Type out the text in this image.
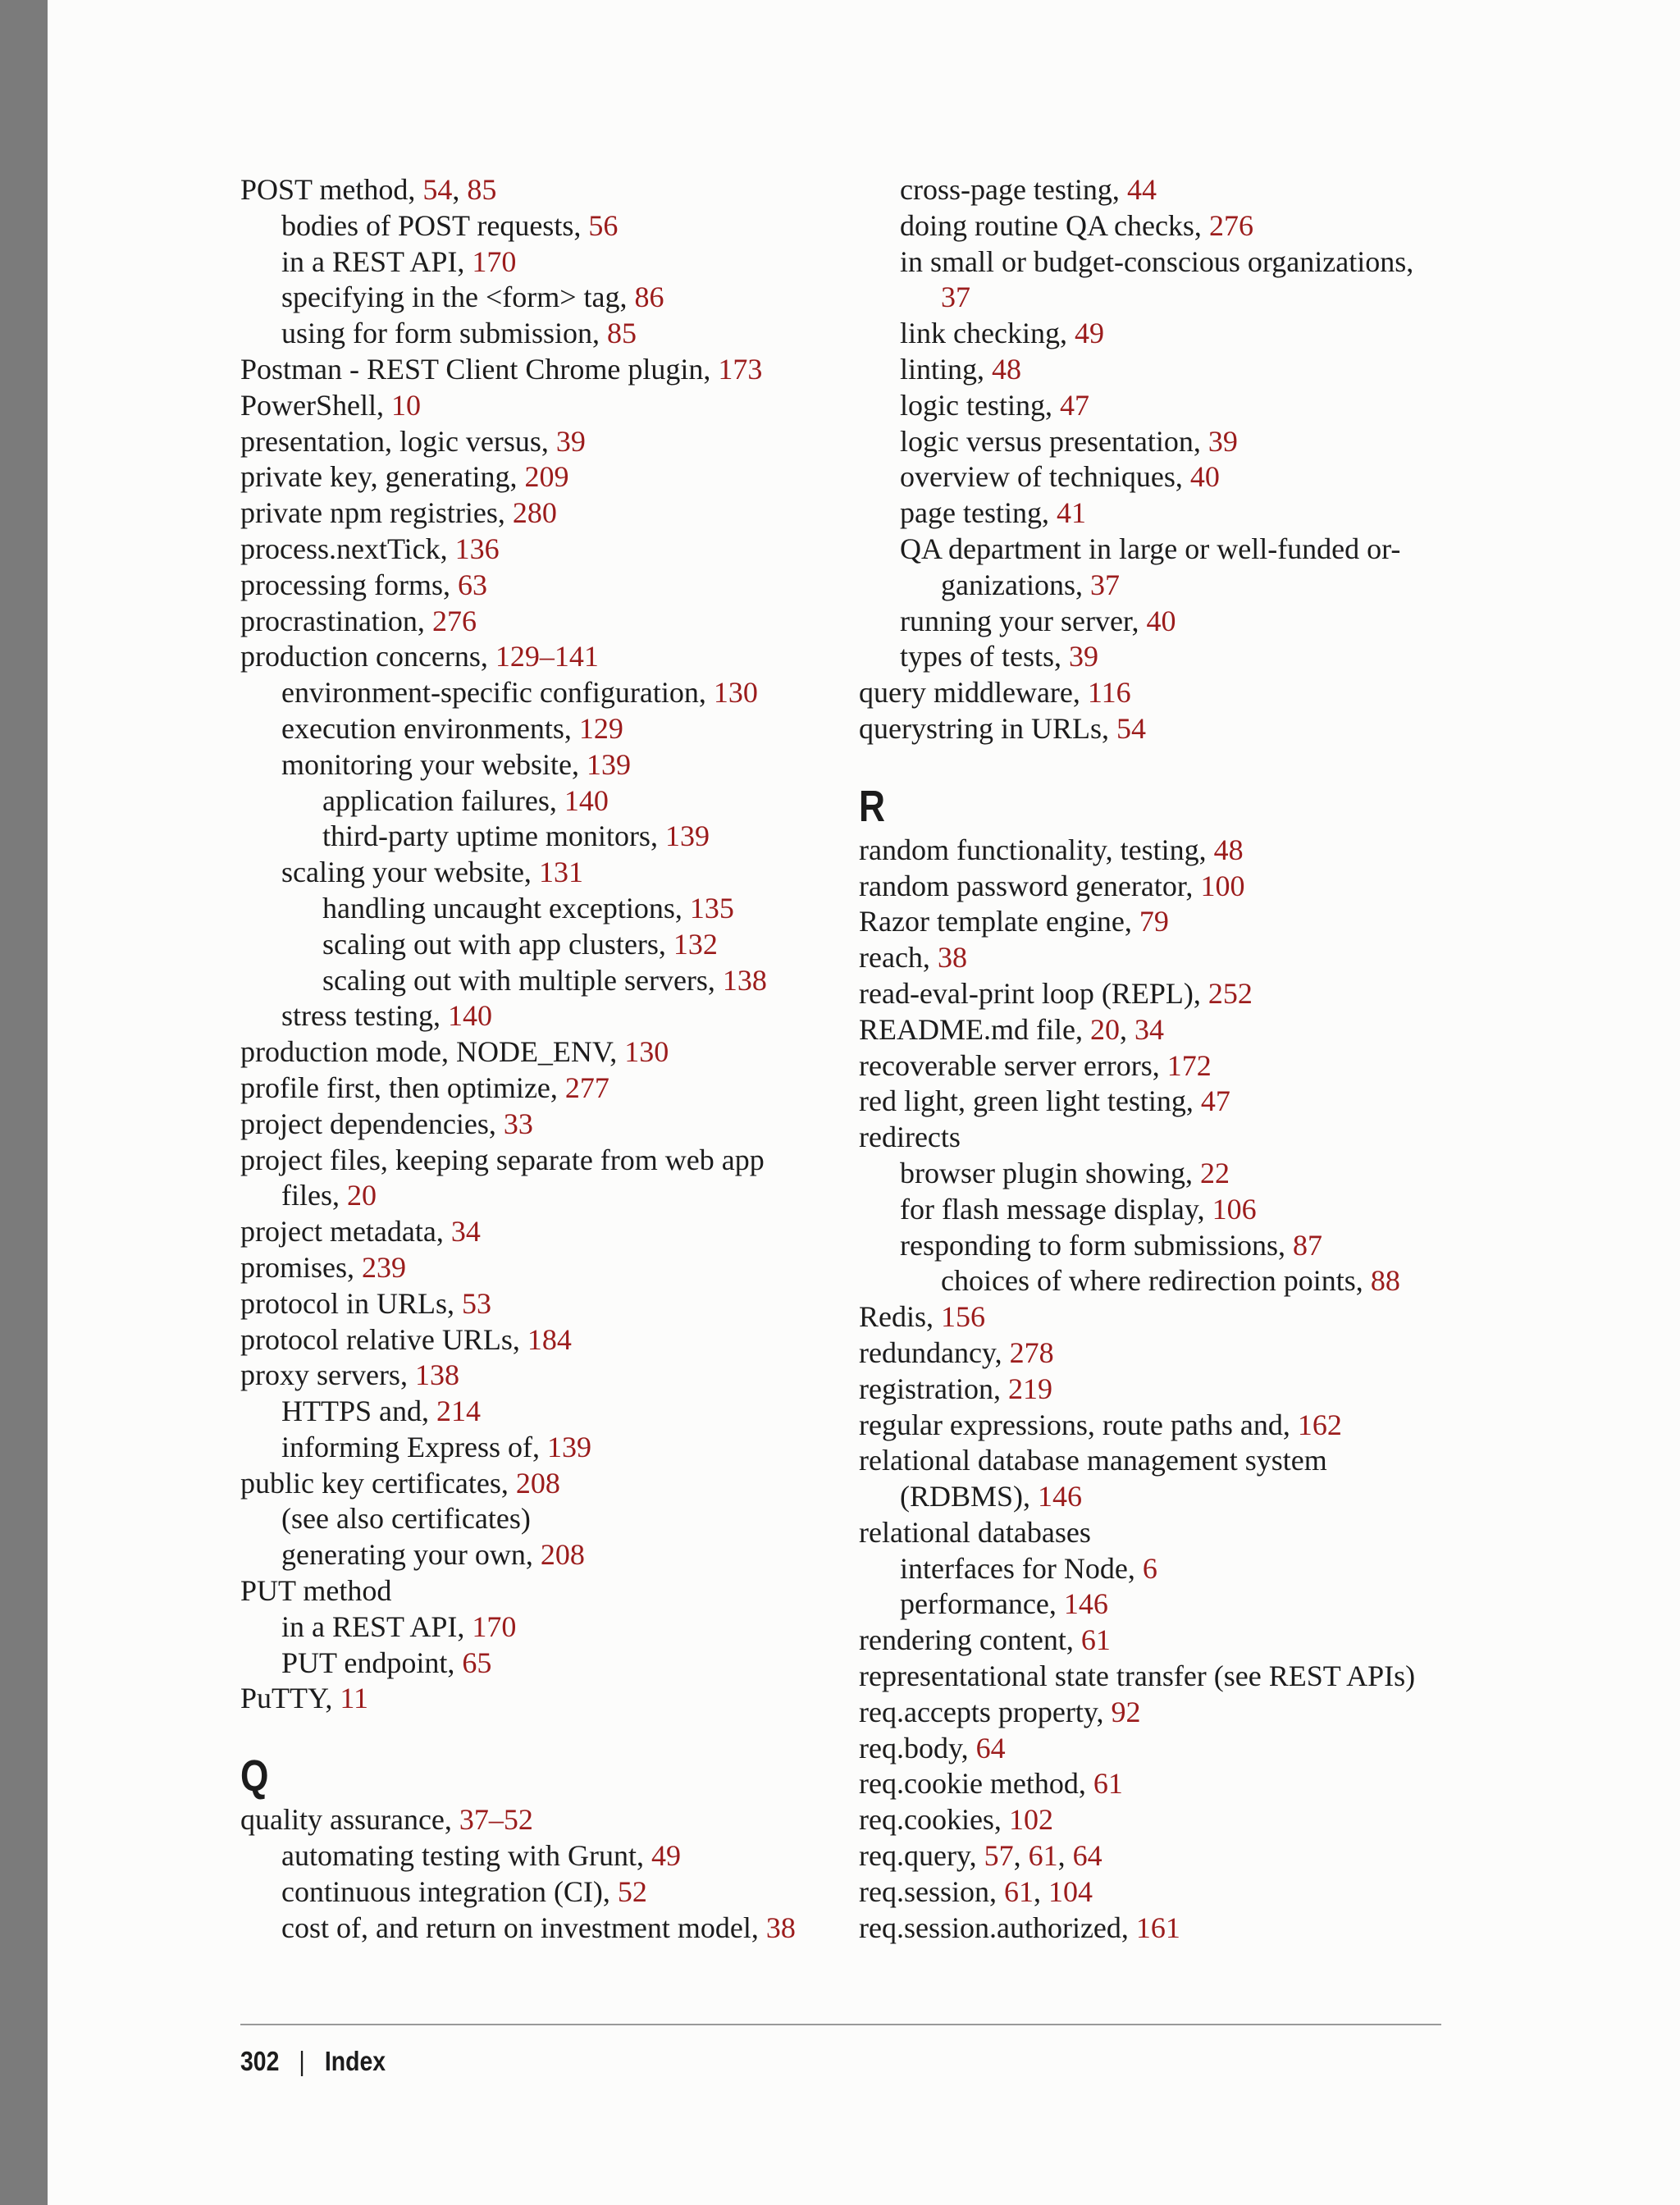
POST method, 54, 85
bodies of POST requests, 56
in a REST API, 170
specifying in the <form> tag, 86
using for form submission, 85
Postman - REST Client Chrome plugin, 173
PowerShell, 10
presentation, logic versus, 39
private key, generating, 209
private npm registries, 280
process.nextTick, 136
processing forms, 63
procrastination, 276
production concerns, 129–141
environment-specific configuration, 130
execution environments, 129
monitoring your website, 139
application failures, 140
third-party uptime monitors, 139
scaling your website, 131
handling uncaught exceptions, 135
scaling out with app clusters, 132
scaling out with multiple servers, 138
stress testing, 140
production mode, NODE_ENV, 130
profile first, then optimize, 277
project dependencies, 33
project files, keeping separate from web app
files, 20
project metadata, 34
promises, 239
protocol in URLs, 53
protocol relative URLs, 184
proxy servers, 138
HTTPS and, 214
informing Express of, 139
public key certificates, 208
(see also certificates)
generating your own, 208
PUT method
in a REST API, 170
PUT endpoint, 65
PuTTY, 11
Q
quality assurance, 37–52
automating testing with Grunt, 49
continuous integration (CI), 52
cost of, and return on investment model, 38
cross-page testing, 44
doing routine QA checks, 276
in small or budget-conscious organizations,
37
link checking, 49
linting, 48
logic testing, 47
logic versus presentation, 39
overview of techniques, 40
page testing, 41
QA department in large or well-funded or-
ganizations, 37
running your server, 40
types of tests, 39
query middleware, 116
querystring in URLs, 54
R
random functionality, testing, 48
random password generator, 100
Razor template engine, 79
reach, 38
read-eval-print loop (REPL), 252
README.md file, 20, 34
recoverable server errors, 172
red light, green light testing, 47
redirects
browser plugin showing, 22
for flash message display, 106
responding to form submissions, 87
choices of where redirection points, 88
Redis, 156
redundancy, 278
registration, 219
regular expressions, route paths and, 162
relational database management system
(RDBMS), 146
relational databases
interfaces for Node, 6
performance, 146
rendering content, 61
representational state transfer (see REST APIs)
req.accepts property, 92
req.body, 64
req.cookie method, 61
req.cookies, 102
req.query, 57, 61, 64
req.session, 61, 104
req.session.authorized, 161
302 | Index
